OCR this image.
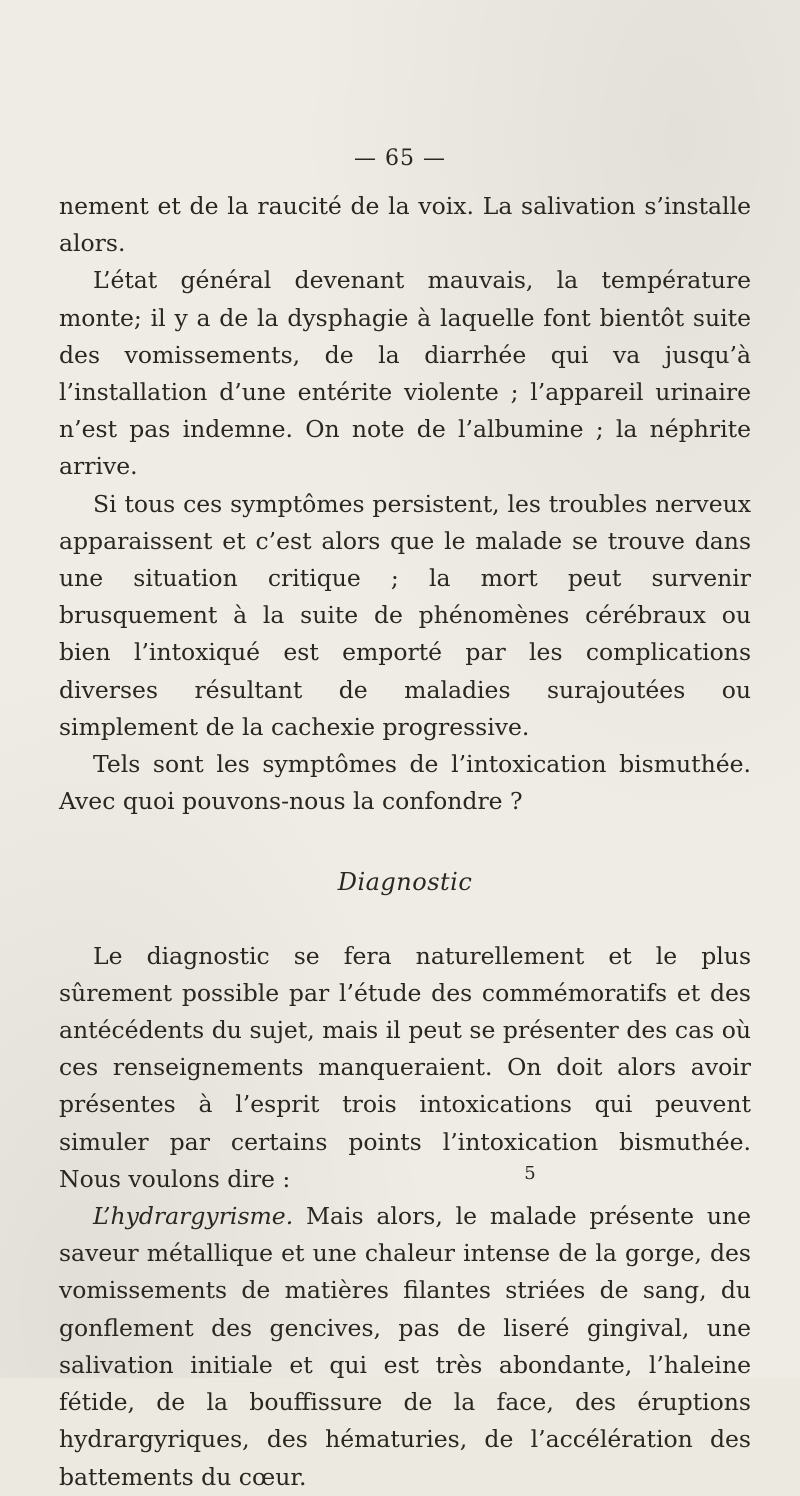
— 65 —

nement et de la raucité de la voix. La salivation s’installe alors.

L’état général devenant mauvais, la température monte; il y a de la dysphagie à laquelle font bientôt suite des vomissements, de la diarrhée qui va jusqu’à l’installation d’une entérite violente ; l’appareil urinaire n’est pas indemne. On note de l’albumine ; la néphrite arrive.

Si tous ces symptômes persistent, les troubles nerveux apparaissent et c’est alors que le malade se trouve dans une situation critique ; la mort peut survenir brusquement à la suite de phénomènes cérébraux ou bien l’intoxiqué est emporté par les complications diverses résultant de maladies surajoutées ou simplement de la cachexie progressive.

Tels sont les symptômes de l’intoxication bismuthée. Avec quoi pouvons-nous la confondre ?

Diagnostic

Le diagnostic se fera naturellement et le plus sûrement possible par l’étude des commémoratifs et des antécédents du sujet, mais il peut se présenter des cas où ces renseignements manqueraient. On doit alors avoir présentes à l’esprit trois intoxications qui peuvent simuler par certains points l’intoxication bismuthée. Nous voulons dire :

L’hydrargyrisme. Mais alors, le malade présente une saveur métallique et une chaleur intense de la gorge, des vomissements de matières filantes striées de sang, du gonflement des gencives, pas de liseré gingival, une salivation initiale et qui est très abondante, l’haleine fétide, de la bouffissure de la face, des éruptions hydrargyriques, des hématuries, de l’accélération des battements du cœur.

5
